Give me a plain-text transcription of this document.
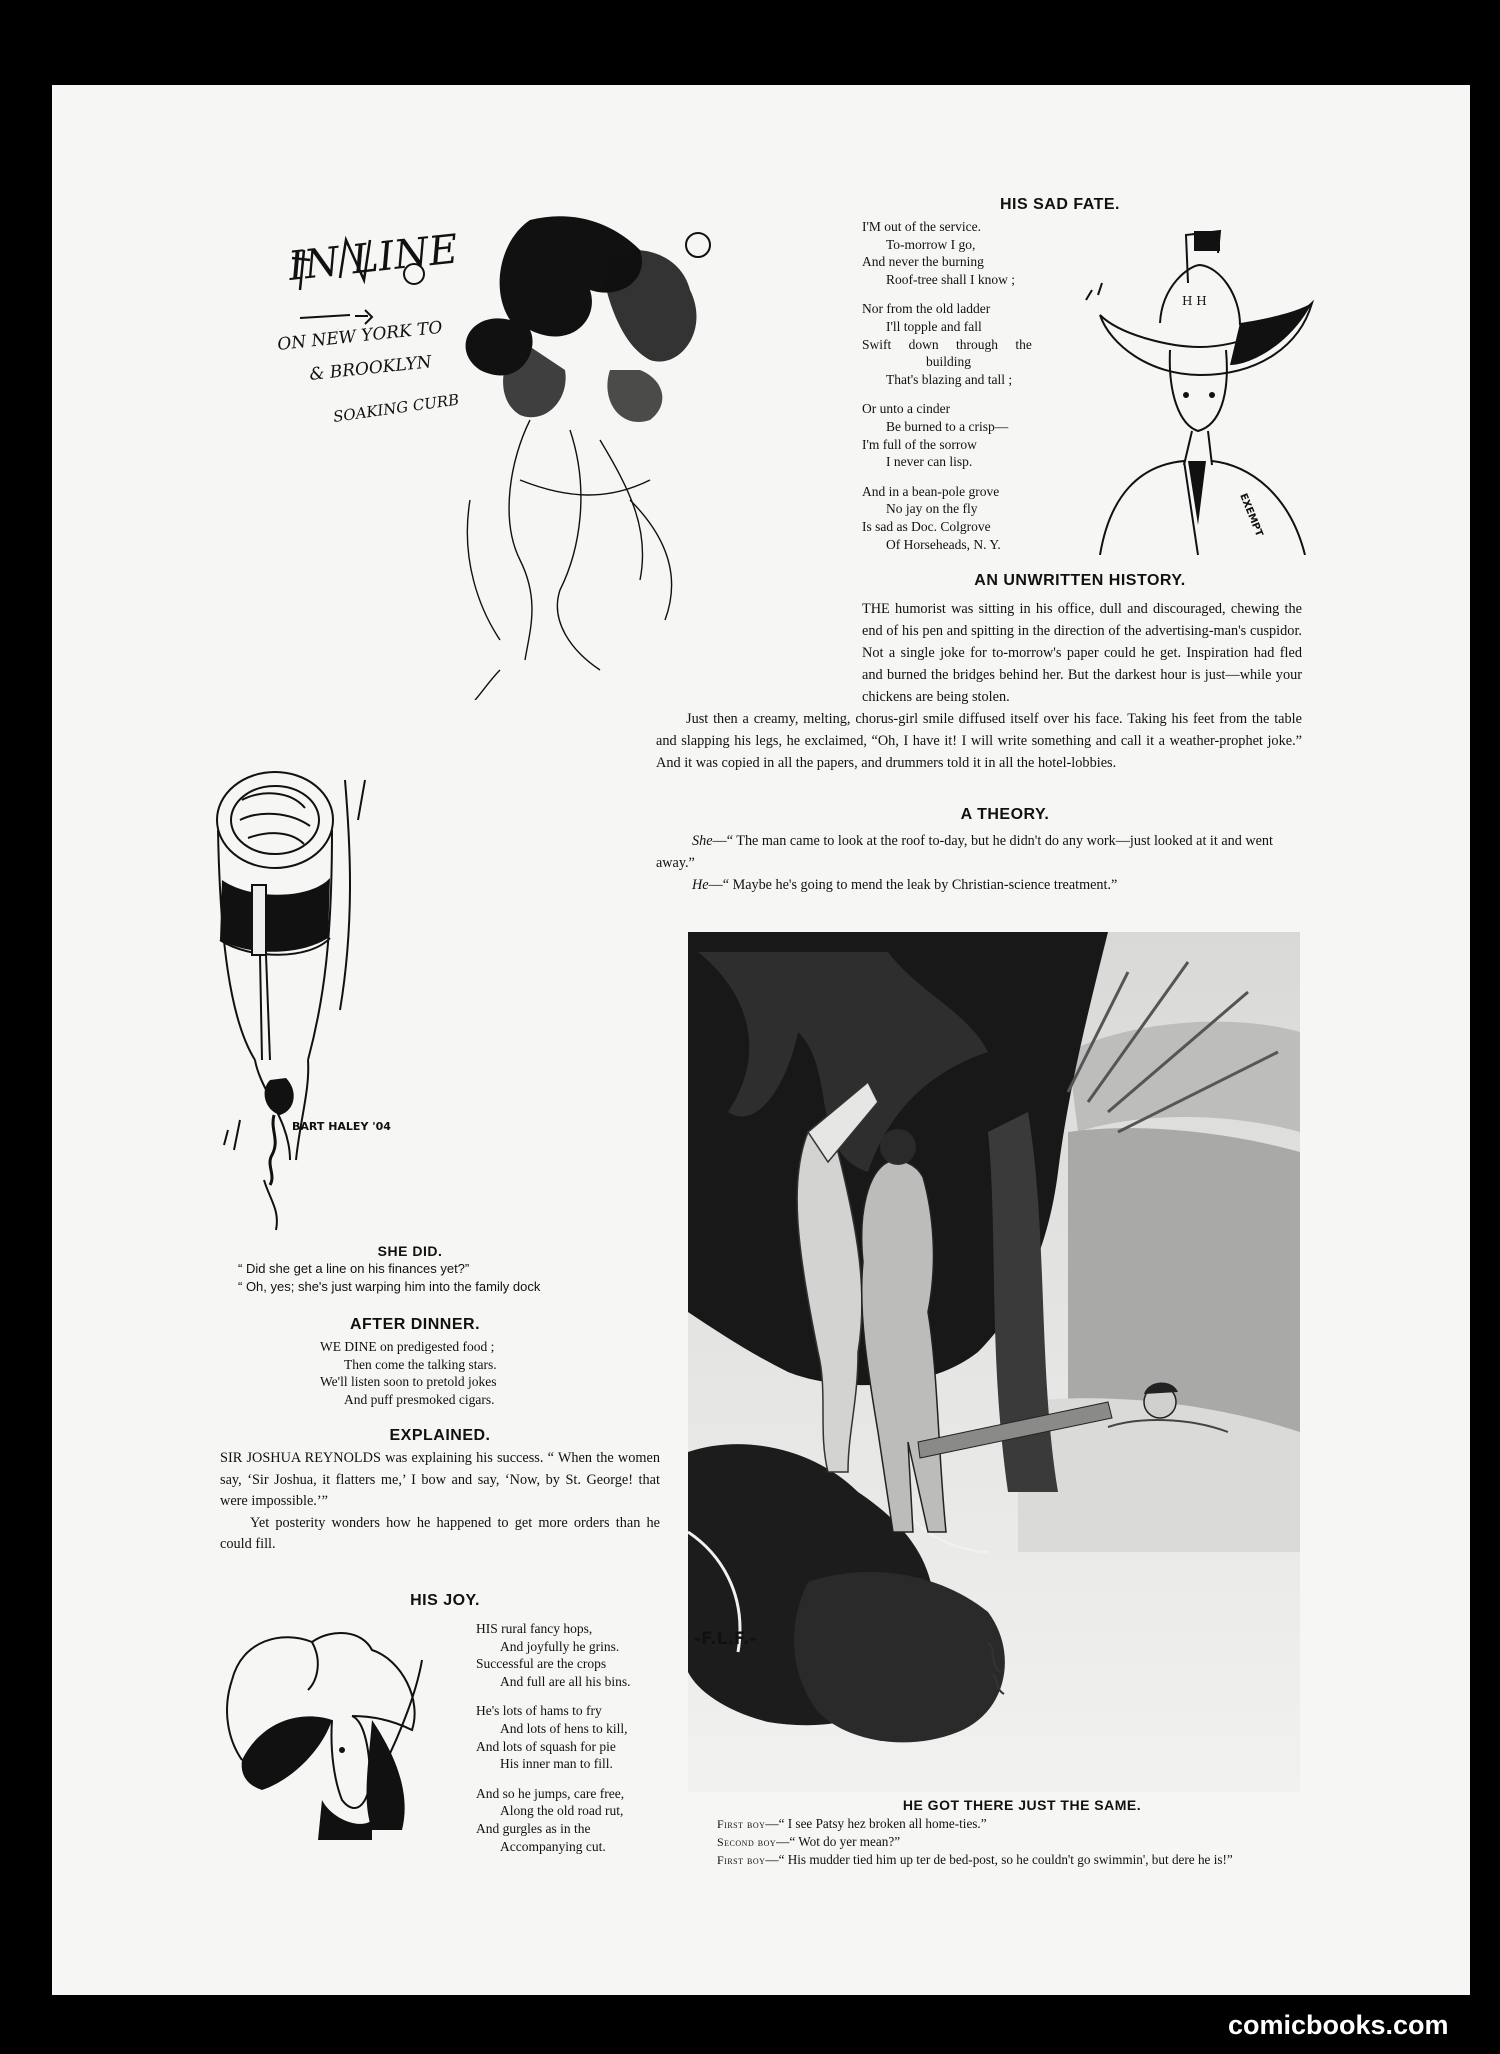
IN LINE
ON NEW YORK TO
& BROOKLYN
SOAKING CURB
HIS SAD FATE.
I'M out of the service.
To-morrow I go,
And never the burning
Roof-tree shall I know ;
Nor from the old ladder
I'll topple and fall
Swift down through the
building
That's blazing and tall ;
Or unto a cinder
Be burned to a crisp—
I'm full of the sorrow
I never can lisp.
And in a bean-pole grove
No jay on the fly
Is sad as Doc. Colgrove
Of Horseheads, N. Y.
H H
EXEMPT
AN UNWRITTEN HISTORY.

THE humorist was sitting in his office, dull and discouraged, chewing the end of his pen and spitting in the direction of the advertising-man's cuspidor. Not a single joke for to-morrow's paper could he get. Inspiration had fled and burned the bridges behind her. But the darkest hour is just—while your chickens are being stolen.

Just then a creamy, melting, chorus-girl smile diffused itself over his face. Taking his feet from the table and slapping his legs, he exclaimed, “Oh, I have it! I will write something and call it a weather-prophet joke.” And it was copied in all the papers, and drummers told it in all the hotel-lobbies.

A THEORY.
She—“ The man came to look at the roof to-day, but he didn't do any work—just looked at it and went away.”
He—“ Maybe he's going to mend the leak by Christian-science treatment.”
BART HALEY '04
SHE DID.
“ Did she get a line on his finances yet?”
“ Oh, yes; she's just warping him into the family dock
AFTER DINNER.
WE DINE on predigested food ;
Then come the talking stars.
We'll listen soon to pretold jokes
And puff presmoked cigars.
EXPLAINED.

SIR JOSHUA REYNOLDS was explaining his success. “ When the women say, ‘Sir Joshua, it flatters me,’ I bow and say, ‘Now, by St. George! that were impossible.’”

Yet posterity wonders how he happened to get more orders than he could fill.

HIS JOY.
HIS rural fancy hops,
And joyfully he grins.
Successful are the crops
And full are all his bins.
He's lots of hams to fry
And lots of hens to kill,
And lots of squash for pie
His inner man to fill.
And so he jumps, care free,
Along the old road rut,
And gurgles as in the
Accompanying cut.
-F.L.F.-
HE GOT THERE JUST THE SAME.
First boy—“ I see Patsy hez broken all home-ties.”
Second boy—“ Wot do yer mean?”
First boy—“ His mudder tied him up ter de bed-post, so he couldn't go swimmin', but dere he is!”
comicbooks.com
